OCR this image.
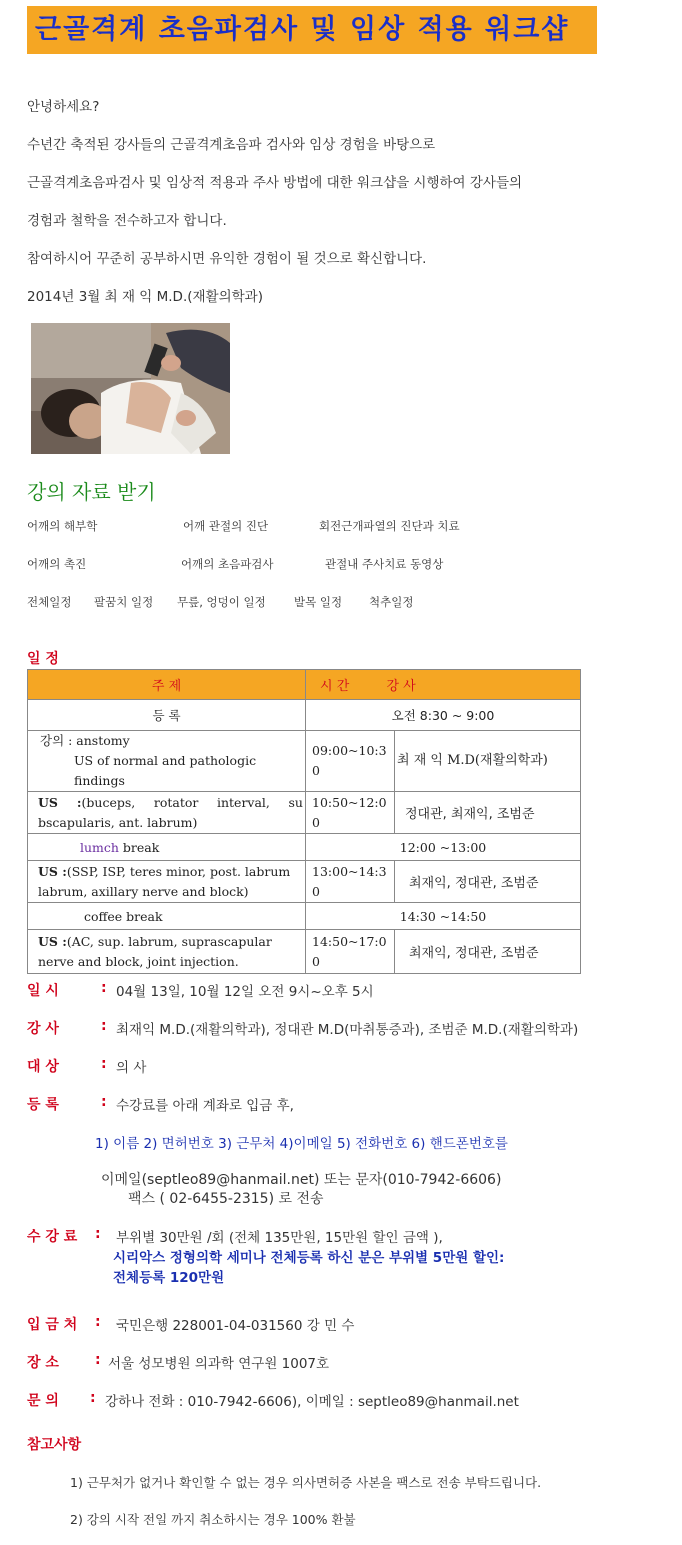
근골격계 초음파검사 및 임상 적용 워크샵
안녕하세요?
수년간 축적된 강사들의 근골격계초음파 검사와 임상 경험을 바탕으로
근골격계초음파검사 및 임상적 적용과 주사 방법에 대한 워크샵을 시행하여 강사들의
경험과 철학을 전수하고자 합니다.
참여하시어 꾸준히 공부하시면 유익한 경험이 될 것으로 확신합니다.
2014년 3월 최 재 익 M.D.(재활의학과)
강의 자료 받기
어깨의 해부학	어깨 관절의 진단	회전근개파열의 진단과 치료
어깨의 촉진	어깨의 초음파검사	관절내 주사치료 동영상
전체일정 팔꿈치 일정 무릎, 엉덩이 일정 발목 일정 척추일정
일 정
주 제	시 간 강 사	
등 록	오전 8:30 ~ 9:00	

강의 : anstomy
US of normal and pathologic findings	09:00~10:30	최 재 익 M.D(재활의학과)
US :(buceps, rotator interval, su bscapularis, ant. labrum)	10:50~12:00	정대관, 최재익, 조범준
lumch break	12:00 ~13:00	
US :(SSP, ISP, teres minor, post. labrum labrum, axillary nerve and block)	13:00~14:30	최재익, 정대관, 조범준
coffee break	14:30 ~14:50	
US :(AC, sup. labrum, suprascapular nerve and block, joint injection.	14:50~17:00	최재익, 정대관, 조범준
일 시	: 04월 13일, 10월 12일 오전 9시~오후 5시
강 사	: 최재익 M.D.(재활의학과), 정대관 M.D(마취통증과), 조범준 M.D.(재활의학과)
대 상	: 의 사
등 록	: 수강료를 아래 계좌로 입금 후,
1) 이름 2) 면허번호 3) 근무처 4)이메일 5) 전화번호 6) 핸드폰번호를
이메일(septleo89@hanmail.net) 또는 문자(010-7942-6606)
팩스 ( 02-6455-2315) 로 전송
수 강 료 : 부위별 30만원 /회 (전체 135만원, 15만원 할인 금액 ),
시리악스 정형의학 세미나 전체등록 하신 분은 부위별 5만원 할인:
전체등록 120만원
입 금 처 : 국민은행 228001-04-031560 강 민 수
장 소	: 서울 성모병원 의과학 연구원 1007호
문 의 : 강하나 전화 : 010-7942-6606), 이메일 : septleo89@hanmail.net
참고사항
1) 근무처가 없거나 확인할 수 없는 경우 의사면허증 사본을 팩스로 전송 부탁드립니다.
2) 강의 시작 전일 까지 취소하시는 경우 100% 환불
